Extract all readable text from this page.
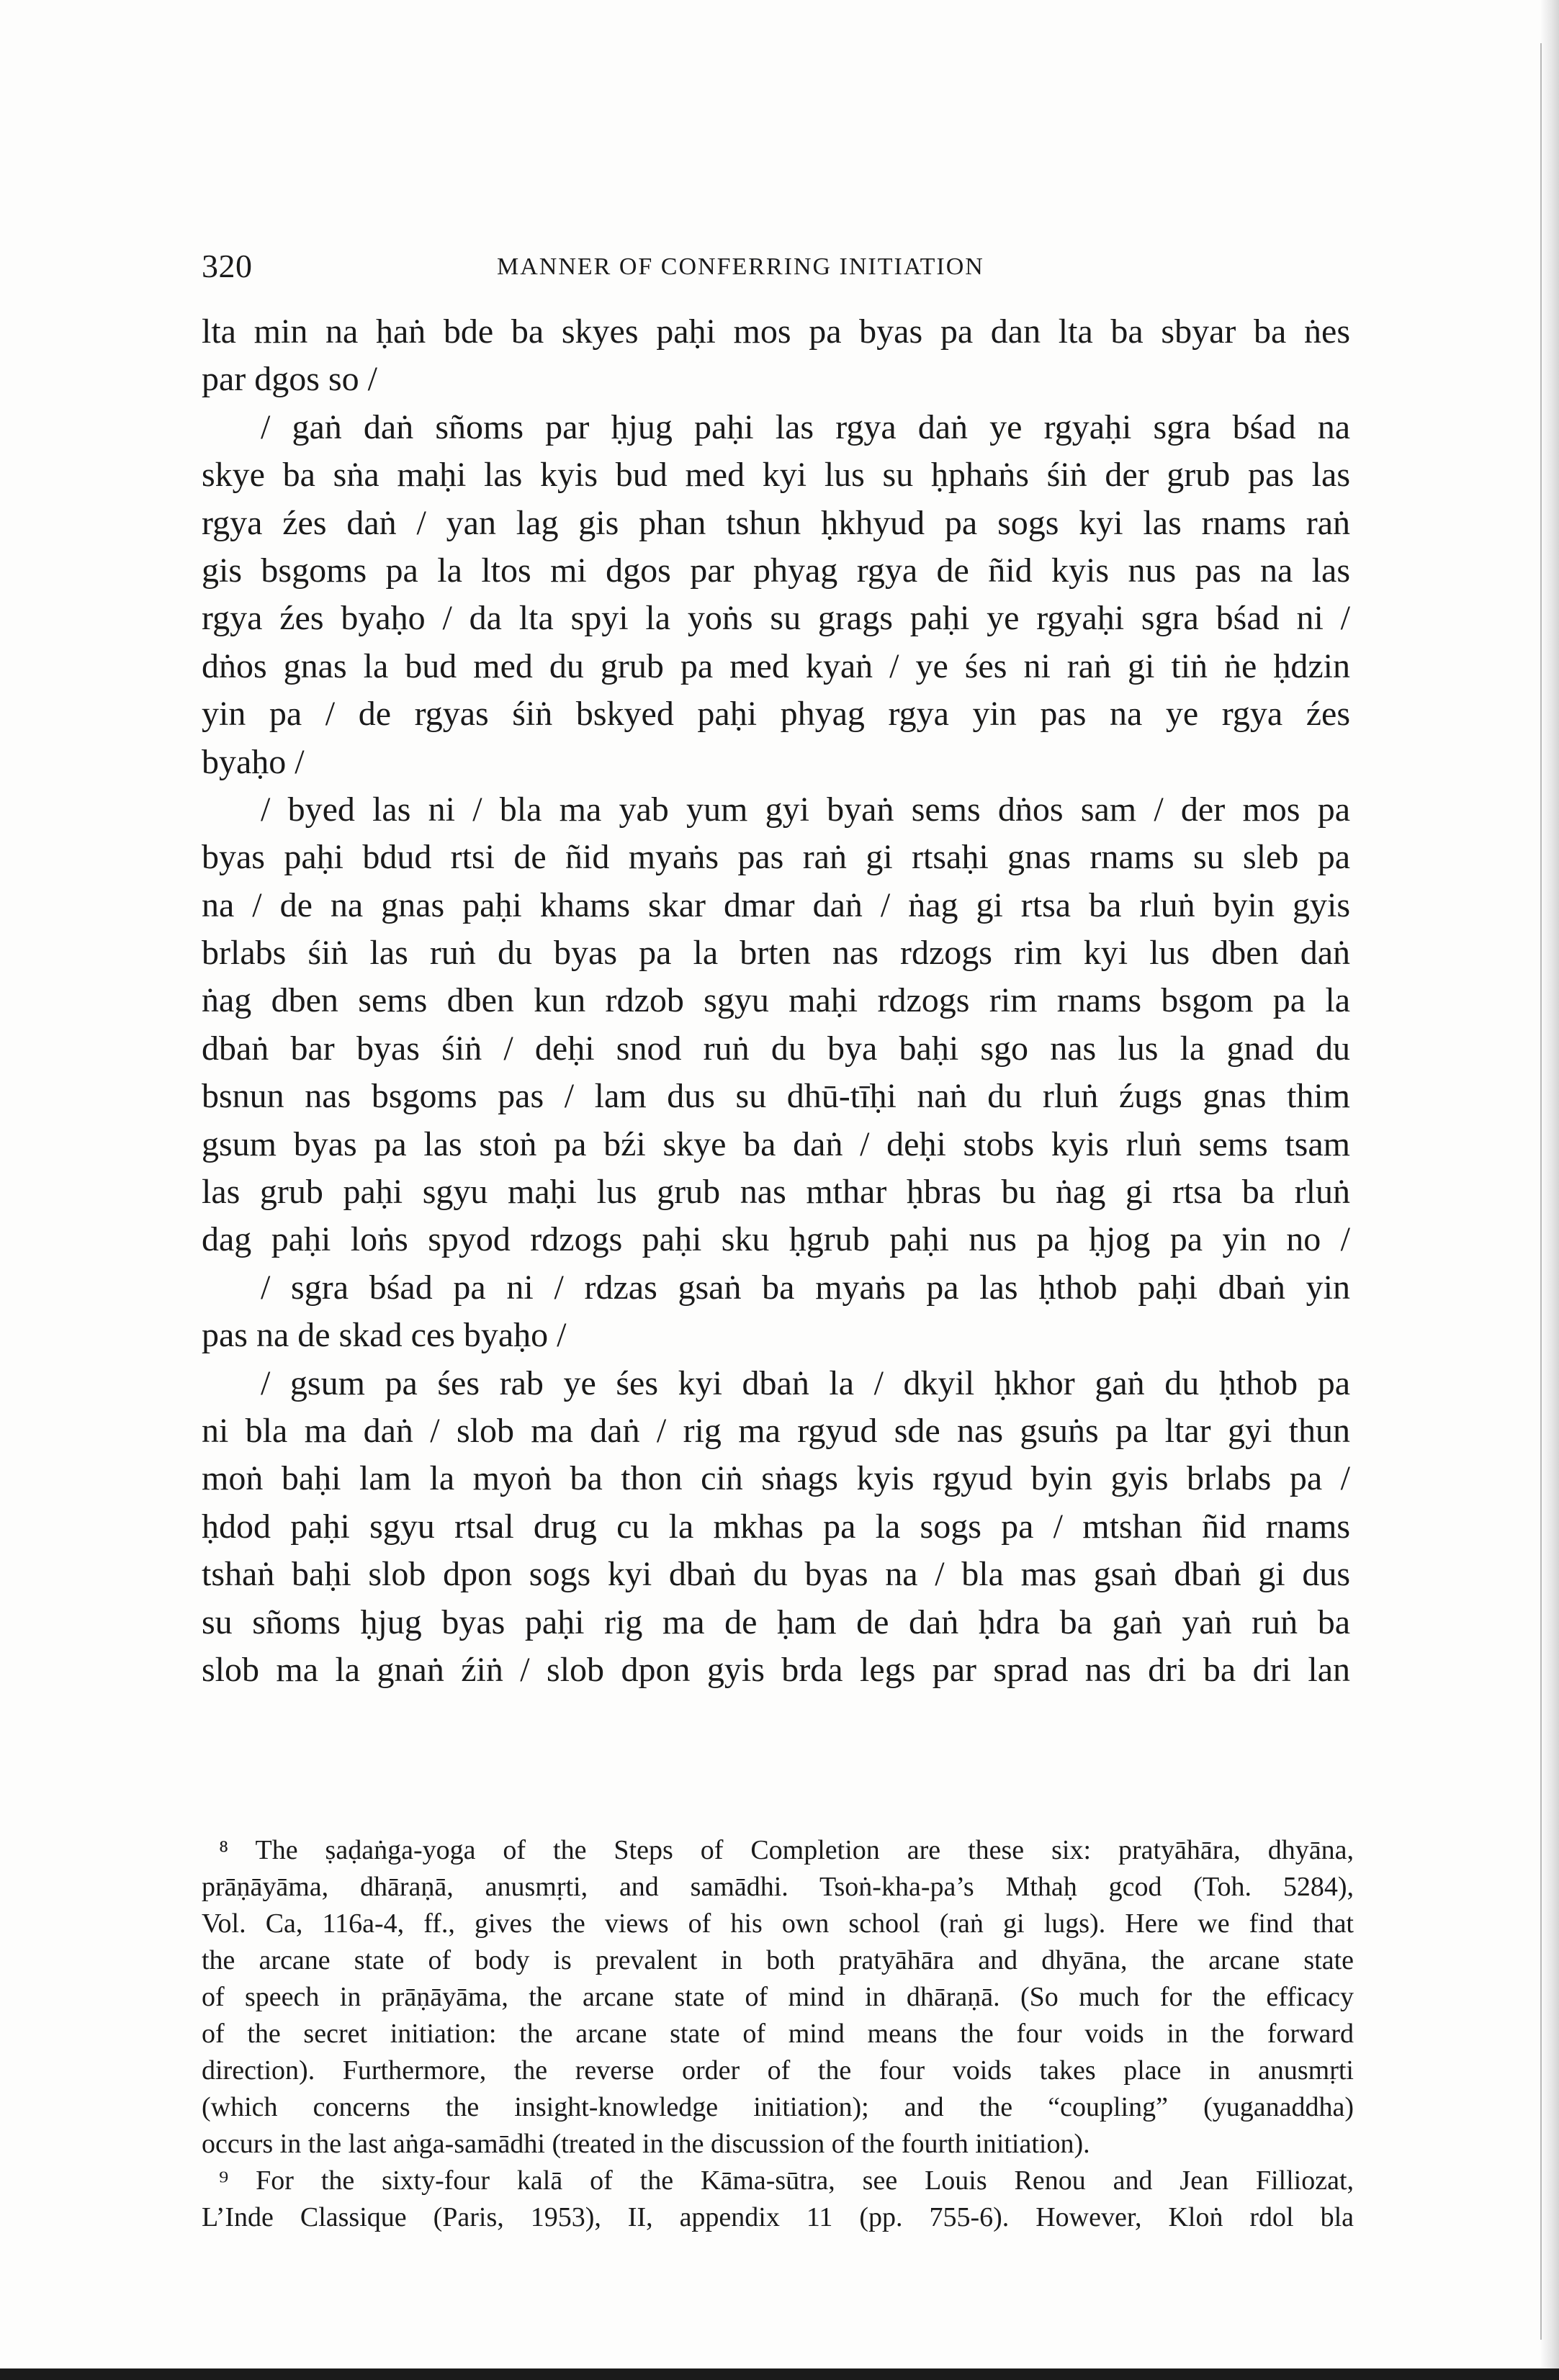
320	MANNER OF CONFERRING INITIATION
lta min na ḥaṅ bde ba skyes paḥi mos pa byas pa dan lta ba sbyar ba ṅes
par dgos so /
/ gaṅ daṅ sñoms par ḥjug paḥi las rgya daṅ ye rgyaḥi sgra bśad na
skye ba sṅa maḥi las kyis bud med kyi lus su ḥphaṅs śiṅ der grub pas las
rgya źes daṅ / yan lag gis phan tshun ḥkhyud pa sogs kyi las rnams raṅ
gis bsgoms pa la ltos mi dgos par phyag rgya de ñid kyis nus pas na las
rgya źes byaḥo / da lta spyi la yoṅs su grags paḥi ye rgyaḥi sgra bśad ni /
dṅos gnas la bud med du grub pa med kyaṅ / ye śes ni raṅ gi tiṅ ṅe ḥdzin
yin pa / de rgyas śiṅ bskyed paḥi phyag rgya yin pas na ye rgya źes
byaḥo /
/ byed las ni / bla ma yab yum gyi byaṅ sems dṅos sam / der mos pa
byas paḥi bdud rtsi de ñid myaṅs pas raṅ gi rtsaḥi gnas rnams su sleb pa
na / de na gnas paḥi khams skar dmar daṅ / ṅag gi rtsa ba rluṅ byin gyis
brlabs śiṅ las ruṅ du byas pa la brten nas rdzogs rim kyi lus dben daṅ
ṅag dben sems dben kun rdzob sgyu maḥi rdzogs rim rnams bsgom pa la
dbaṅ bar byas śiṅ / deḥi snod ruṅ du bya baḥi sgo nas lus la gnad du
bsnun nas bsgoms pas / lam dus su dhū-tīḥi naṅ du rluṅ źugs gnas thim
gsum byas pa las stoṅ pa bźi skye ba daṅ / deḥi stobs kyis rluṅ sems tsam
las grub paḥi sgyu maḥi lus grub nas mthar ḥbras bu ṅag gi rtsa ba rluṅ
dag paḥi loṅs spyod rdzogs paḥi sku ḥgrub paḥi nus pa ḥjog pa yin no /
/ sgra bśad pa ni / rdzas gsaṅ ba myaṅs pa las ḥthob paḥi dbaṅ yin
pas na de skad ces byaḥo /
/ gsum pa śes rab ye śes kyi dbaṅ la / dkyil ḥkhor gaṅ du ḥthob pa
ni bla ma daṅ / slob ma daṅ / rig ma rgyud sde nas gsuṅs pa ltar gyi thun
moṅ baḥi lam la myoṅ ba thon ciṅ sṅags kyis rgyud byin gyis brlabs pa /
ḥdod paḥi sgyu rtsal drug cu la mkhas pa la sogs pa / mtshan ñid rnams
tshaṅ baḥi slob dpon sogs kyi dbaṅ du byas na / bla mas gsaṅ dbaṅ gi dus
su sñoms ḥjug byas paḥi rig ma de ḥam de daṅ ḥdra ba gaṅ yaṅ ruṅ ba
slob ma la gnaṅ źiṅ / slob dpon gyis brda legs par sprad nas dri ba dri lan
⁸ The ṣaḍaṅga-yoga of the Steps of Completion are these six: pratyāhāra, dhyāna,
prāṇāyāma, dhāraṇā, anusmṛti, and samādhi. Tsoṅ-kha-pa’s Mthaḥ gcod (Toh. 5284),
Vol. Ca, 116a-4, ff., gives the views of his own school (raṅ gi lugs). Here we find that
the arcane state of body is prevalent in both pratyāhāra and dhyāna, the arcane state
of speech in prāṇāyāma, the arcane state of mind in dhāraṇā. (So much for the efficacy
of the secret initiation: the arcane state of mind means the four voids in the forward
direction). Furthermore, the reverse order of the four voids takes place in anusmṛti
(which concerns the insight-knowledge initiation); and the “coupling” (yuganaddha)
occurs in the last aṅga-samādhi (treated in the discussion of the fourth initiation).
⁹ For the sixty-four kalā of the Kāma-sūtra, see Louis Renou and Jean Filliozat,
L’Inde Classique (Paris, 1953), II, appendix 11 (pp. 755-6). However, Kloṅ rdol bla
